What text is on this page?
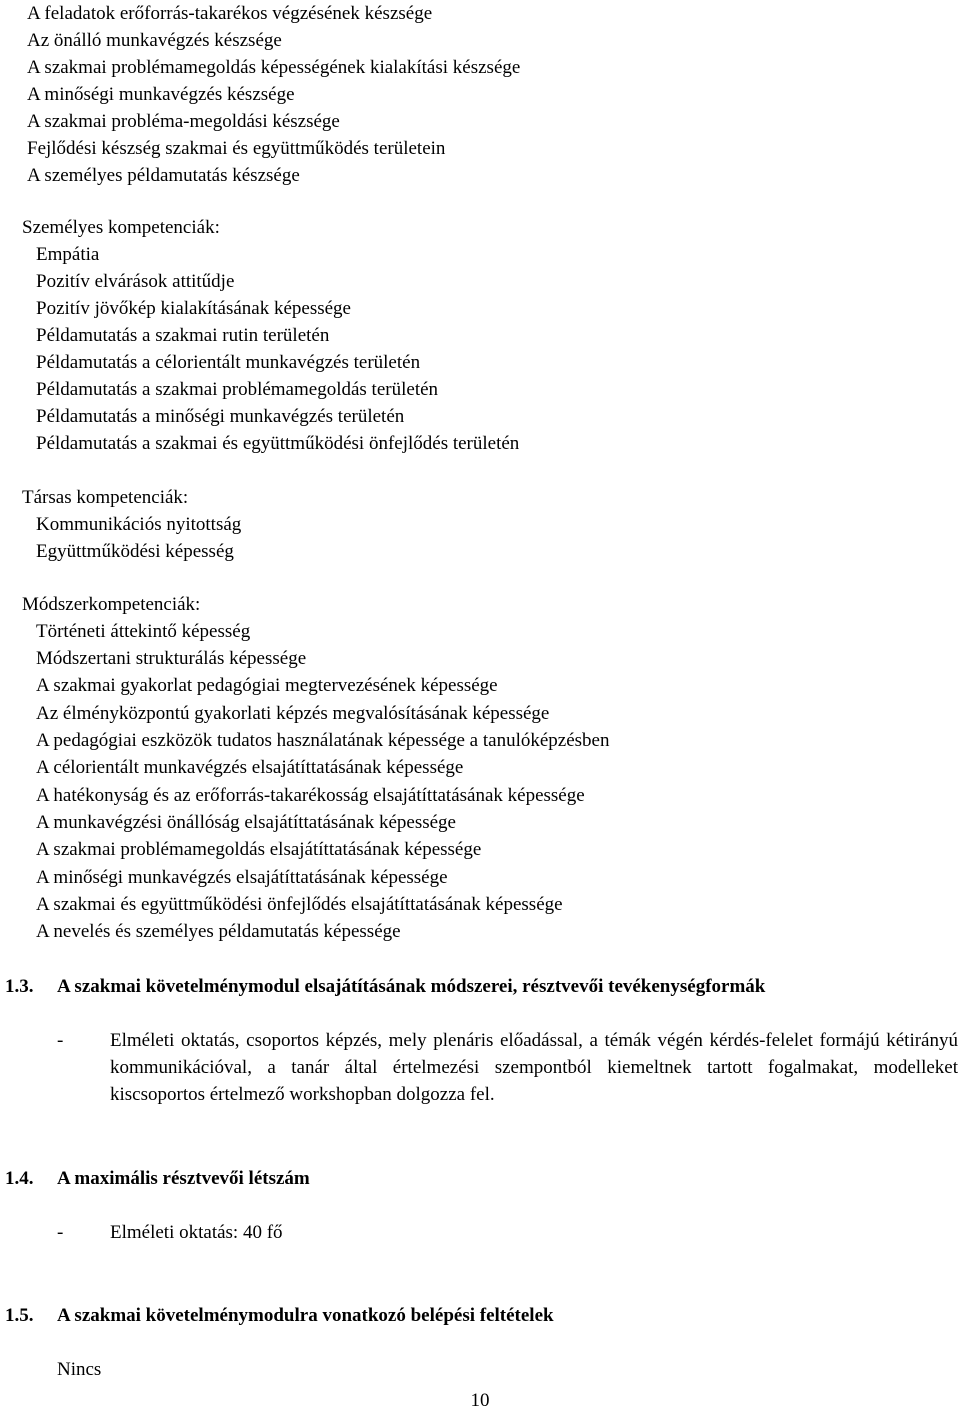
A feladatok erőforrás-takarékos végzésének készsége
Az önálló munkavégzés készsége
A szakmai problémamegoldás képességének kialakítási készsége
A minőségi munkavégzés készsége
A szakmai probléma-megoldási készsége
Fejlődési készség szakmai és együttműködés területein
A személyes példamutatás készsége
Személyes kompetenciák:
Empátia
Pozitív elvárások attitűdje
Pozitív jövőkép kialakításának képessége
Példamutatás a szakmai rutin területén
Példamutatás a célorientált munkavégzés területén
Példamutatás a szakmai problémamegoldás területén
Példamutatás a minőségi munkavégzés területén
Példamutatás a szakmai és együttműködési önfejlődés területén
Társas kompetenciák:
Kommunikációs nyitottság
Együttműködési képesség
Módszerkompetenciák:
Történeti áttekintő képesség
Módszertani strukturálás képessége
A szakmai gyakorlat pedagógiai megtervezésének képessége
Az élményközpontú gyakorlati képzés megvalósításának képessége
A pedagógiai eszközök tudatos használatának képessége a tanulóképzésben
A célorientált munkavégzés elsajátíttatásának képessége
A hatékonyság és az erőforrás-takarékosság elsajátíttatásának képessége
A munkavégzési önállóság elsajátíttatásának képessége
A szakmai problémamegoldás elsajátíttatásának képessége
A minőségi munkavégzés elsajátíttatásának képessége
A szakmai és együttműködési önfejlődés elsajátíttatásának képessége
A nevelés és személyes példamutatás képessége
1.3. A szakmai követelménymodul elsajátításának módszerei, résztvevői tevékenységformák
- Elméleti oktatás, csoportos képzés, mely plenáris előadással, a témák végén kérdés-felelet formájú kétirányú kommunikációval, a tanár által értelmezési szempontból kiemeltnek tartott fogalmakat, modelleket kiscsoportos értelmező workshopban dolgozza fel.
1.4. A maximális résztvevői létszám
- Elméleti oktatás: 40 fő
1.5. A szakmai követelménymodulra vonatkozó belépési feltételek
Nincs
10
